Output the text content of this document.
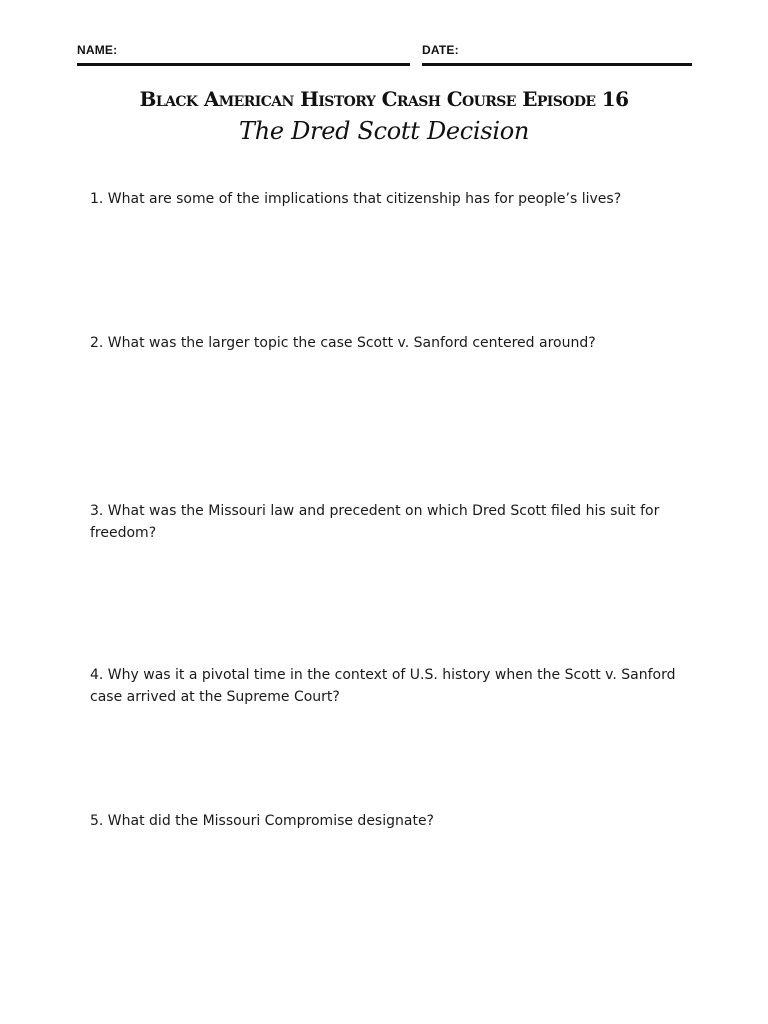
NAME:	DATE:
Black American History Crash Course Episode 16
The Dred Scott Decision
1. What are some of the implications that citizenship has for people’s lives?
2. What was the larger topic the case Scott v. Sanford centered around?
3. What was the Missouri law and precedent on which Dred Scott filed his suit for freedom?
4. Why was it a pivotal time in the context of U.S. history when the Scott v. Sanford case arrived at the Supreme Court?
5. What did the Missouri Compromise designate?
